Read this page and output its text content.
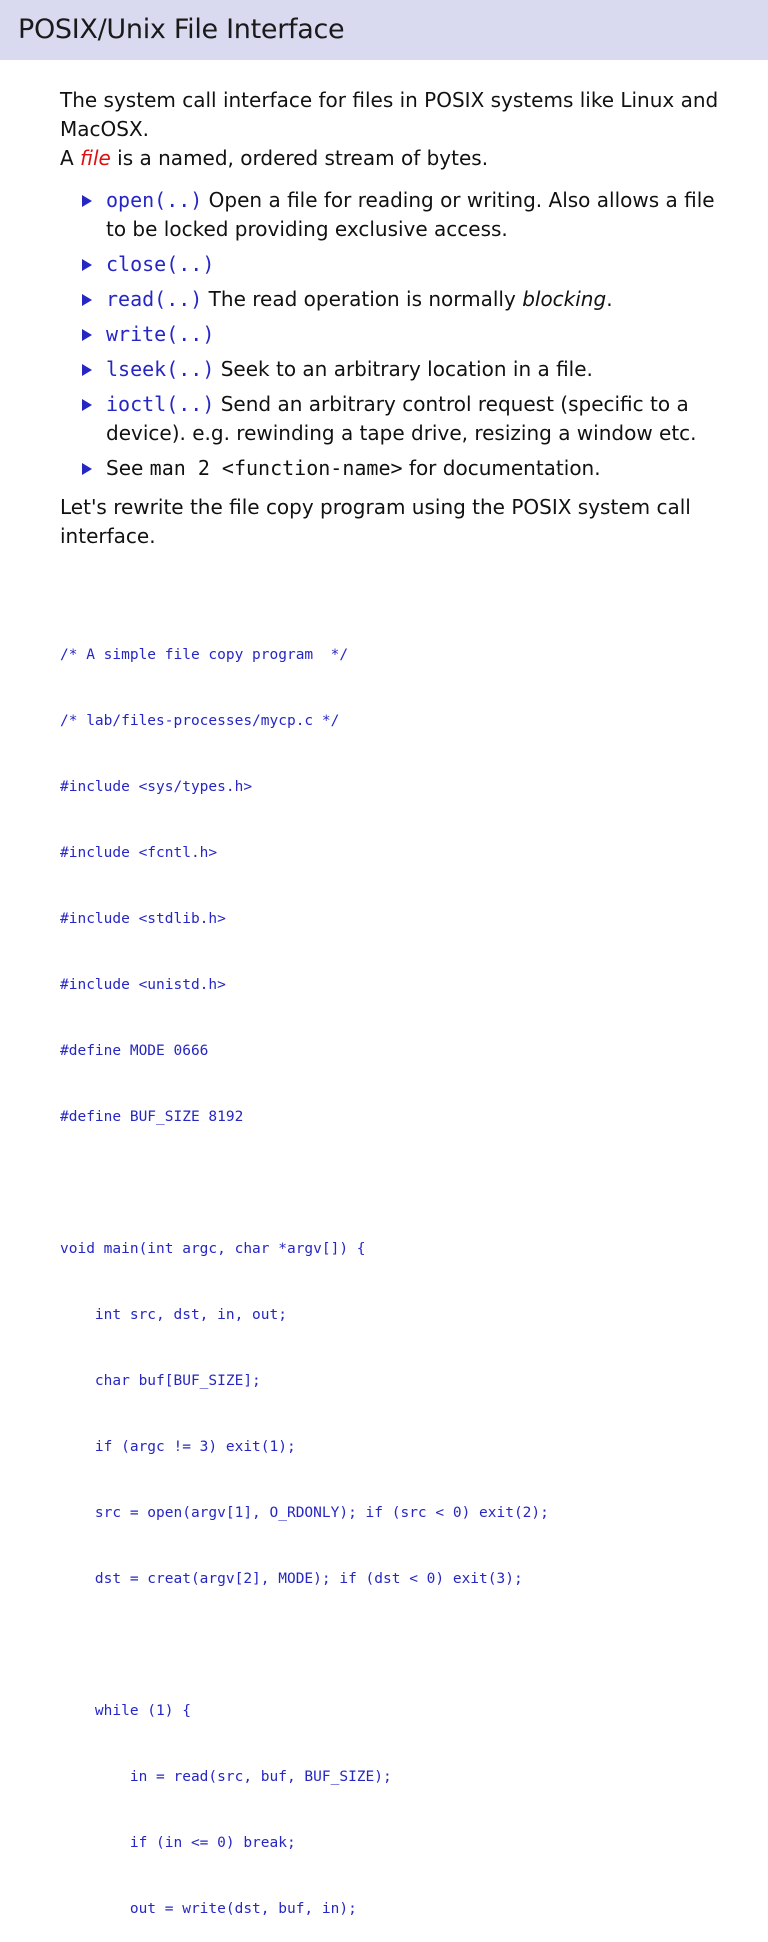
POSIX/Unix File Interface
The system call interface for files in POSIX systems like Linux and MacOSX.
A file is a named, ordered stream of bytes.
open(..) Open a file for reading or writing. Also allows a file to be locked providing exclusive access.
close(..)
read(..) The read operation is normally blocking.
write(..)
lseek(..) Seek to an arbitrary location in a file.
ioctl(..) Send an arbitrary control request (specific to a device). e.g. rewinding a tape drive, resizing a window etc.
See man 2 <function-name> for documentation.
Let's rewrite the file copy program using the POSIX system call interface.

/* A simple file copy program  */

/* lab/files-processes/mycp.c */

#include <sys/types.h>

#include <fcntl.h>

#include <stdlib.h>

#include <unistd.h>

#define MODE 0666

#define BUF_SIZE 8192

void main(int argc, char *argv[]) {

int src, dst, in, out;

char buf[BUF_SIZE];

if (argc != 3) exit(1);

src = open(argv[1], O_RDONLY); if (src < 0) exit(2);

dst = creat(argv[2], MODE); if (dst < 0) exit(3);

while (1) {

in = read(src, buf, BUF_SIZE);

if (in <= 0) break;

out = write(dst, buf, in);
